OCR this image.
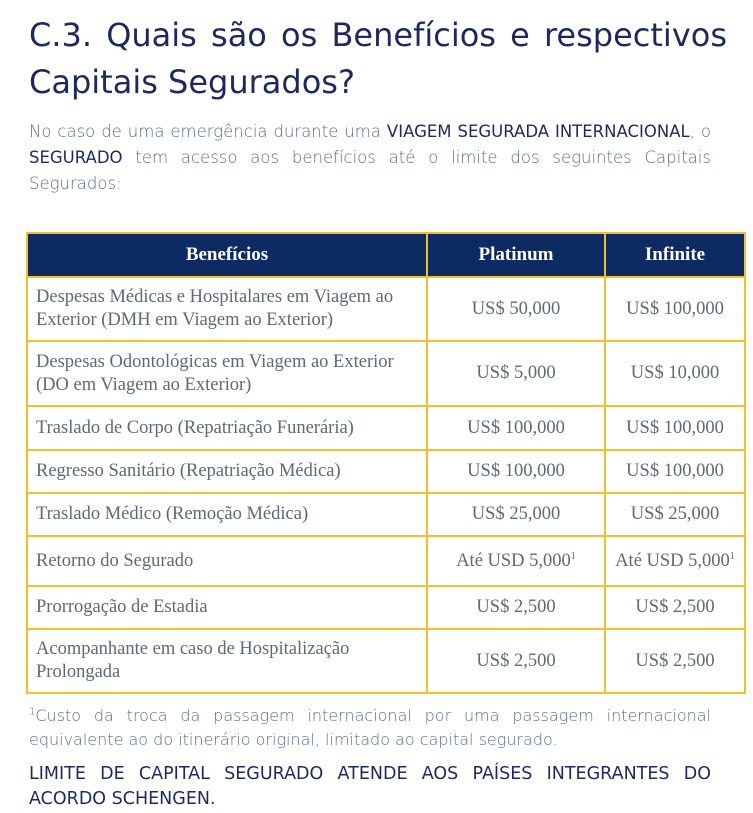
C.3. Quais são os Benefícios e respectivos Capitais Segurados?

No caso de uma emergência durante uma VIAGEM SEGURADA INTERNACIONAL, o SEGURADO tem acesso aos benefícios até o limite dos seguintes Capitais Segurados:

Benefícios	Platinum	Infinite
Despesas Médicas e Hospitalares em Viagem ao Exterior (DMH em Viagem ao Exterior)	US$ 50,000	US$ 100,000
Despesas Odontológicas em Viagem ao Exterior (DO em Viagem ao Exterior)	US$ 5,000	US$ 10,000
Traslado de Corpo (Repatriação Funerária)	US$ 100,000	US$ 100,000
Regresso Sanitário (Repatriação Médica)	US$ 100,000	US$ 100,000
Traslado Médico (Remoção Médica)	US$ 25,000	US$ 25,000
Retorno do Segurado	Até USD 5,000$^1$	Até USD 5,000$^1$
Prorrogação de Estadia	US$ 2,500	US$ 2,500
Acompanhante em caso de Hospitalização Prolongada	US$ 2,500	US$ 2,500

$^1$Custo da troca da passagem internacional por uma passagem internacional equivalente ao do itinerário original, limitado ao capital segurado.

LIMITE DE CAPITAL SEGURADO ATENDE AOS PAÍSES INTEGRANTES DO ACORDO SCHENGEN.
